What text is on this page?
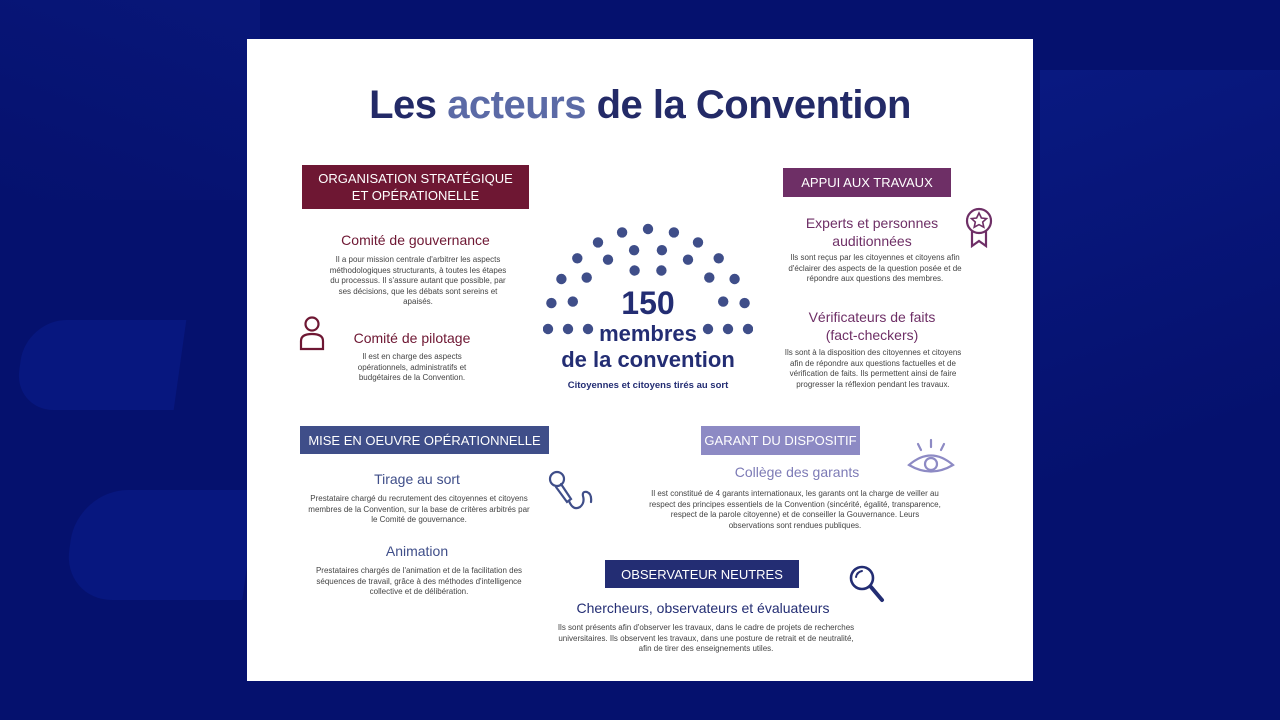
Les acteurs de la Convention
ORGANISATION STRATÉGIQUE
ET OPÉRATIONELLE
Comité de gouvernance
Il a pour mission centrale d'arbitrer les aspects méthodologiques structurants, à toutes les étapes du processus. Il s'assure autant que possible, par ses décisions, que les débats sont sereins et apaisés.
Comité de pilotage
Il est en charge des aspects opérationnels, administratifs et budgétaires de la Convention.
150
membres
de la convention
Citoyennes et citoyens tirés au sort
APPUI AUX TRAVAUX
Experts et personnes auditionnées
Ils sont reçus par les citoyennes et citoyens afin d'éclairer des aspects de la question posée et de répondre aux questions des membres.
Vérificateurs de faits
(fact-checkers)
Ils sont à la disposition des citoyennes et citoyens afin de répondre aux questions factuelles et de vérification de faits. Ils permettent ainsi de faire progresser la réflexion pendant les travaux.
MISE EN OEUVRE OPÉRATIONNELLE
Tirage au sort
Prestataire chargé du recrutement des citoyennes et citoyens membres de la Convention, sur la base de critères arbitrés par le Comité de gouvernance.
Animation
Prestataires chargés de l'animation et de la facilitation des séquences de travail, grâce à des méthodes d'intelligence collective et de délibération.
GARANT DU DISPOSITIF
Collège des garants
Il est constitué de 4 garants internationaux, les garants ont la charge de veiller au respect des principes essentiels de la Convention (sincérité, égalité, transparence, respect de la parole citoyenne) et de conseiller la Gouvernance. Leurs observations sont rendues publiques.
OBSERVATEUR NEUTRES
Chercheurs, observateurs et évaluateurs
Ils sont présents afin d'observer les travaux, dans le cadre de projets de recherches universitaires. Ils observent les travaux, dans une posture de retrait et de neutralité, afin de tirer des enseignements utiles.
